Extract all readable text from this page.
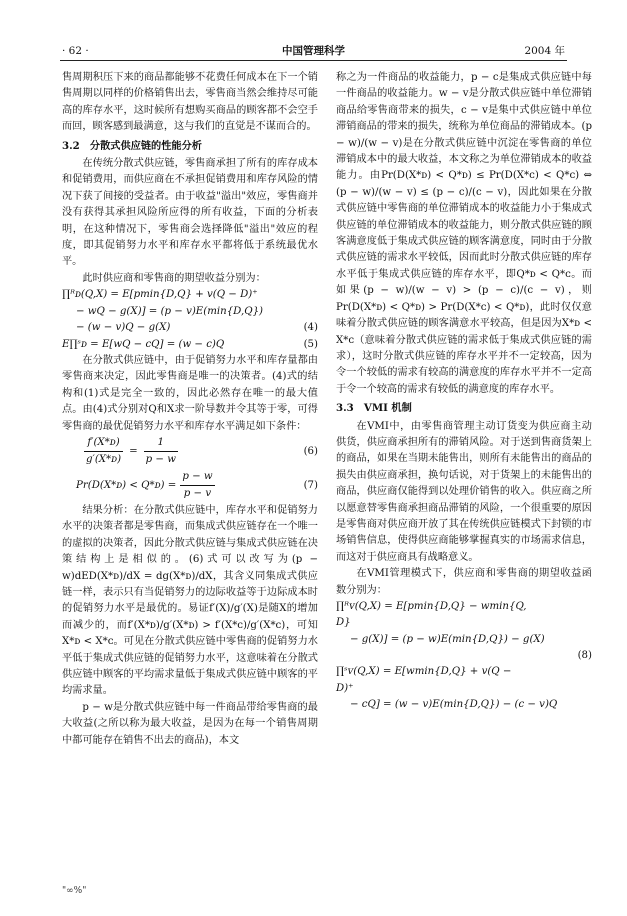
· 62 ·	中国管理科学	2004 年

售周期积压下来的商品都能够不花费任何成本在下一个销售周期以同样的价格销售出去，零售商当然会维持尽可能高的库存水平，这时候所有想购买商品的顾客都不会空手而回，顾客感到最满意，这与我们的直觉是不谋而合的。

3.2　分散式供应链的性能分析

在传统分散式供应链，零售商承担了所有的库存成本和促销费用，而供应商在不承担促销费用和库存风险的情况下获了间接的受益者。由于收益"溢出"效应，零售商并没有获得其承担风险所应得的所有收益，下面的分析表明，在这种情况下，零售商会选择降低"溢出"效应的程度，即其促销努力水平和库存水平都将低于系统最优水平。

此时供应商和零售商的期望收益分别为：

∏ᴿᴅ(Q,X) = E[pmin{D,Q} + v(Q − D)⁺

− wQ − g(X)] = (p − v)E(min{D,Q})

− (w − v)Q − g(X)	(4)

E∏ˢᴅ = E[wQ − cQ] = (w − c)Q	(5)

在分散式供应链中，由于促销努力水平和库存量都由零售商来决定，因此零售商是唯一的决策者。(4)式的结构和(1)式是完全一致的，因此必然存在唯一的最大值点。由(4)式分别对Q和X求一阶导数并令其等于零，可得零售商的最优促销努力水平和库存水平满足如下条件：

$\frac{\text{f′(X*ᴅ)}}{\text{g′(X*ᴅ)}} = \frac{1}{p - w}$	(6)
Pr(D(X*ᴅ) < Q*ᴅ) = $\frac{p - w}{p - v}$	(7)

结果分析：在分散式供应链中，库存水平和促销努力水平的决策者都是零售商，而集成式供应链存在一个唯一的虚拟的决策者，因此分散式供应链与集成式供应链在决策结构上是相似的。(6)式可以改写为(p − w)dED(X*ᴅ)/dX = dg(X*ᴅ)/dX，其含义同集成式供应链一样，表示只有当促销努力的边际收益等于边际成本时的促销努力水平是最优的。易证f′(X)/g′(X)是随X的增加而减少的，而f′(X*ᴅ)/g′(X*ᴅ) > f′(X*ᴄ)/g′(X*ᴄ)，可知X*ᴅ < X*ᴄ。可见在分散式供应链中零售商的促销努力水平低于集成式供应链的促销努力水平，这意味着在分散式供应链中顾客的平均需求量低于集成式供应链中顾客的平均需求量。

p − w是分散式供应链中每一件商品带给零售商的最大收益(之所以称为最大收益，是因为在每一个销售周期中都可能存在销售不出去的商品)，本文

称之为一件商品的收益能力，p − c是集成式供应链中每一件商品的收益能力。w − v是分散式供应链中单位滞销商品给零售商带来的损失，c − v是集中式供应链中单位滞销商品的带来的损失，统称为单位商品的滞销成本。(p − w)/(w − v)是在分散式供应链中沉淀在零售商的单位滞销成本中的最大收益，本文称之为单位滞销成本的收益能力。由Pr(D(X*ᴅ) < Q*ᴅ) ≤ Pr(D(X*ᴄ) < Q*ᴄ) ⇔ (p − w)/(w − v) ≤ (p − c)/(c − v)，因此如果在分散式供应链中零售商的单位滞销成本的收益能力小于集成式供应链的单位滞销成本的收益能力，则分散式供应链的顾客满意度低于集成式供应链的顾客满意度，同时由于分散式供应链的需求水平较低，因而此时分散式供应链的库存水平低于集成式供应链的库存水平，即Q*ᴅ < Q*ᴄ。而如果(p − w)/(w − v) > (p − c)/(c − v)，则Pr(D(X*ᴅ) < Q*ᴅ) > Pr(D(X*ᴄ) < Q*ᴅ)，此时仅仅意味着分散式供应链的顾客满意水平较高，但是因为X*ᴅ < X*ᴄ（意味着分散式供应链的需求低于集成式供应链的需求），这时分散式供应链的库存水平并不一定较高，因为令一个较低的需求有较高的满意度的库存水平并不一定高于令一个较高的需求有较低的满意度的库存水平。

3.3　VMI 机制

在VMI中，由零售商管理主动订货变为供应商主动供货，供应商承担所有的滞销风险。对于送到售商货架上的商品，如果在当期未能售出，则所有未能售出的商品的损失由供应商承担，换句话说，对于货架上的未能售出的商品，供应商仅能得到以处理价销售的收入。供应商之所以愿意替零售商承担商品滞销的风险，一个很重要的原因是零售商对供应商开放了其在传统供应链模式下封锁的市场销售信息，使得供应商能够掌握真实的市场需求信息，而这对于供应商具有战略意义。

在VMI管理模式下，供应商和零售商的期望收益函数分别为：

∏ᴿᴠ(Q,X) = E[pmin{D,Q} − wmin{Q,

D}

− g(X)] = (p − w)E(min{D,Q}) − g(X)

(8)

∏ˢᴠ(Q,X) = E[wmin{D,Q} + v(Q −

D)⁺

− cQ] = (w − v)E(min{D,Q}) − (c − v)Q

"∞%"
